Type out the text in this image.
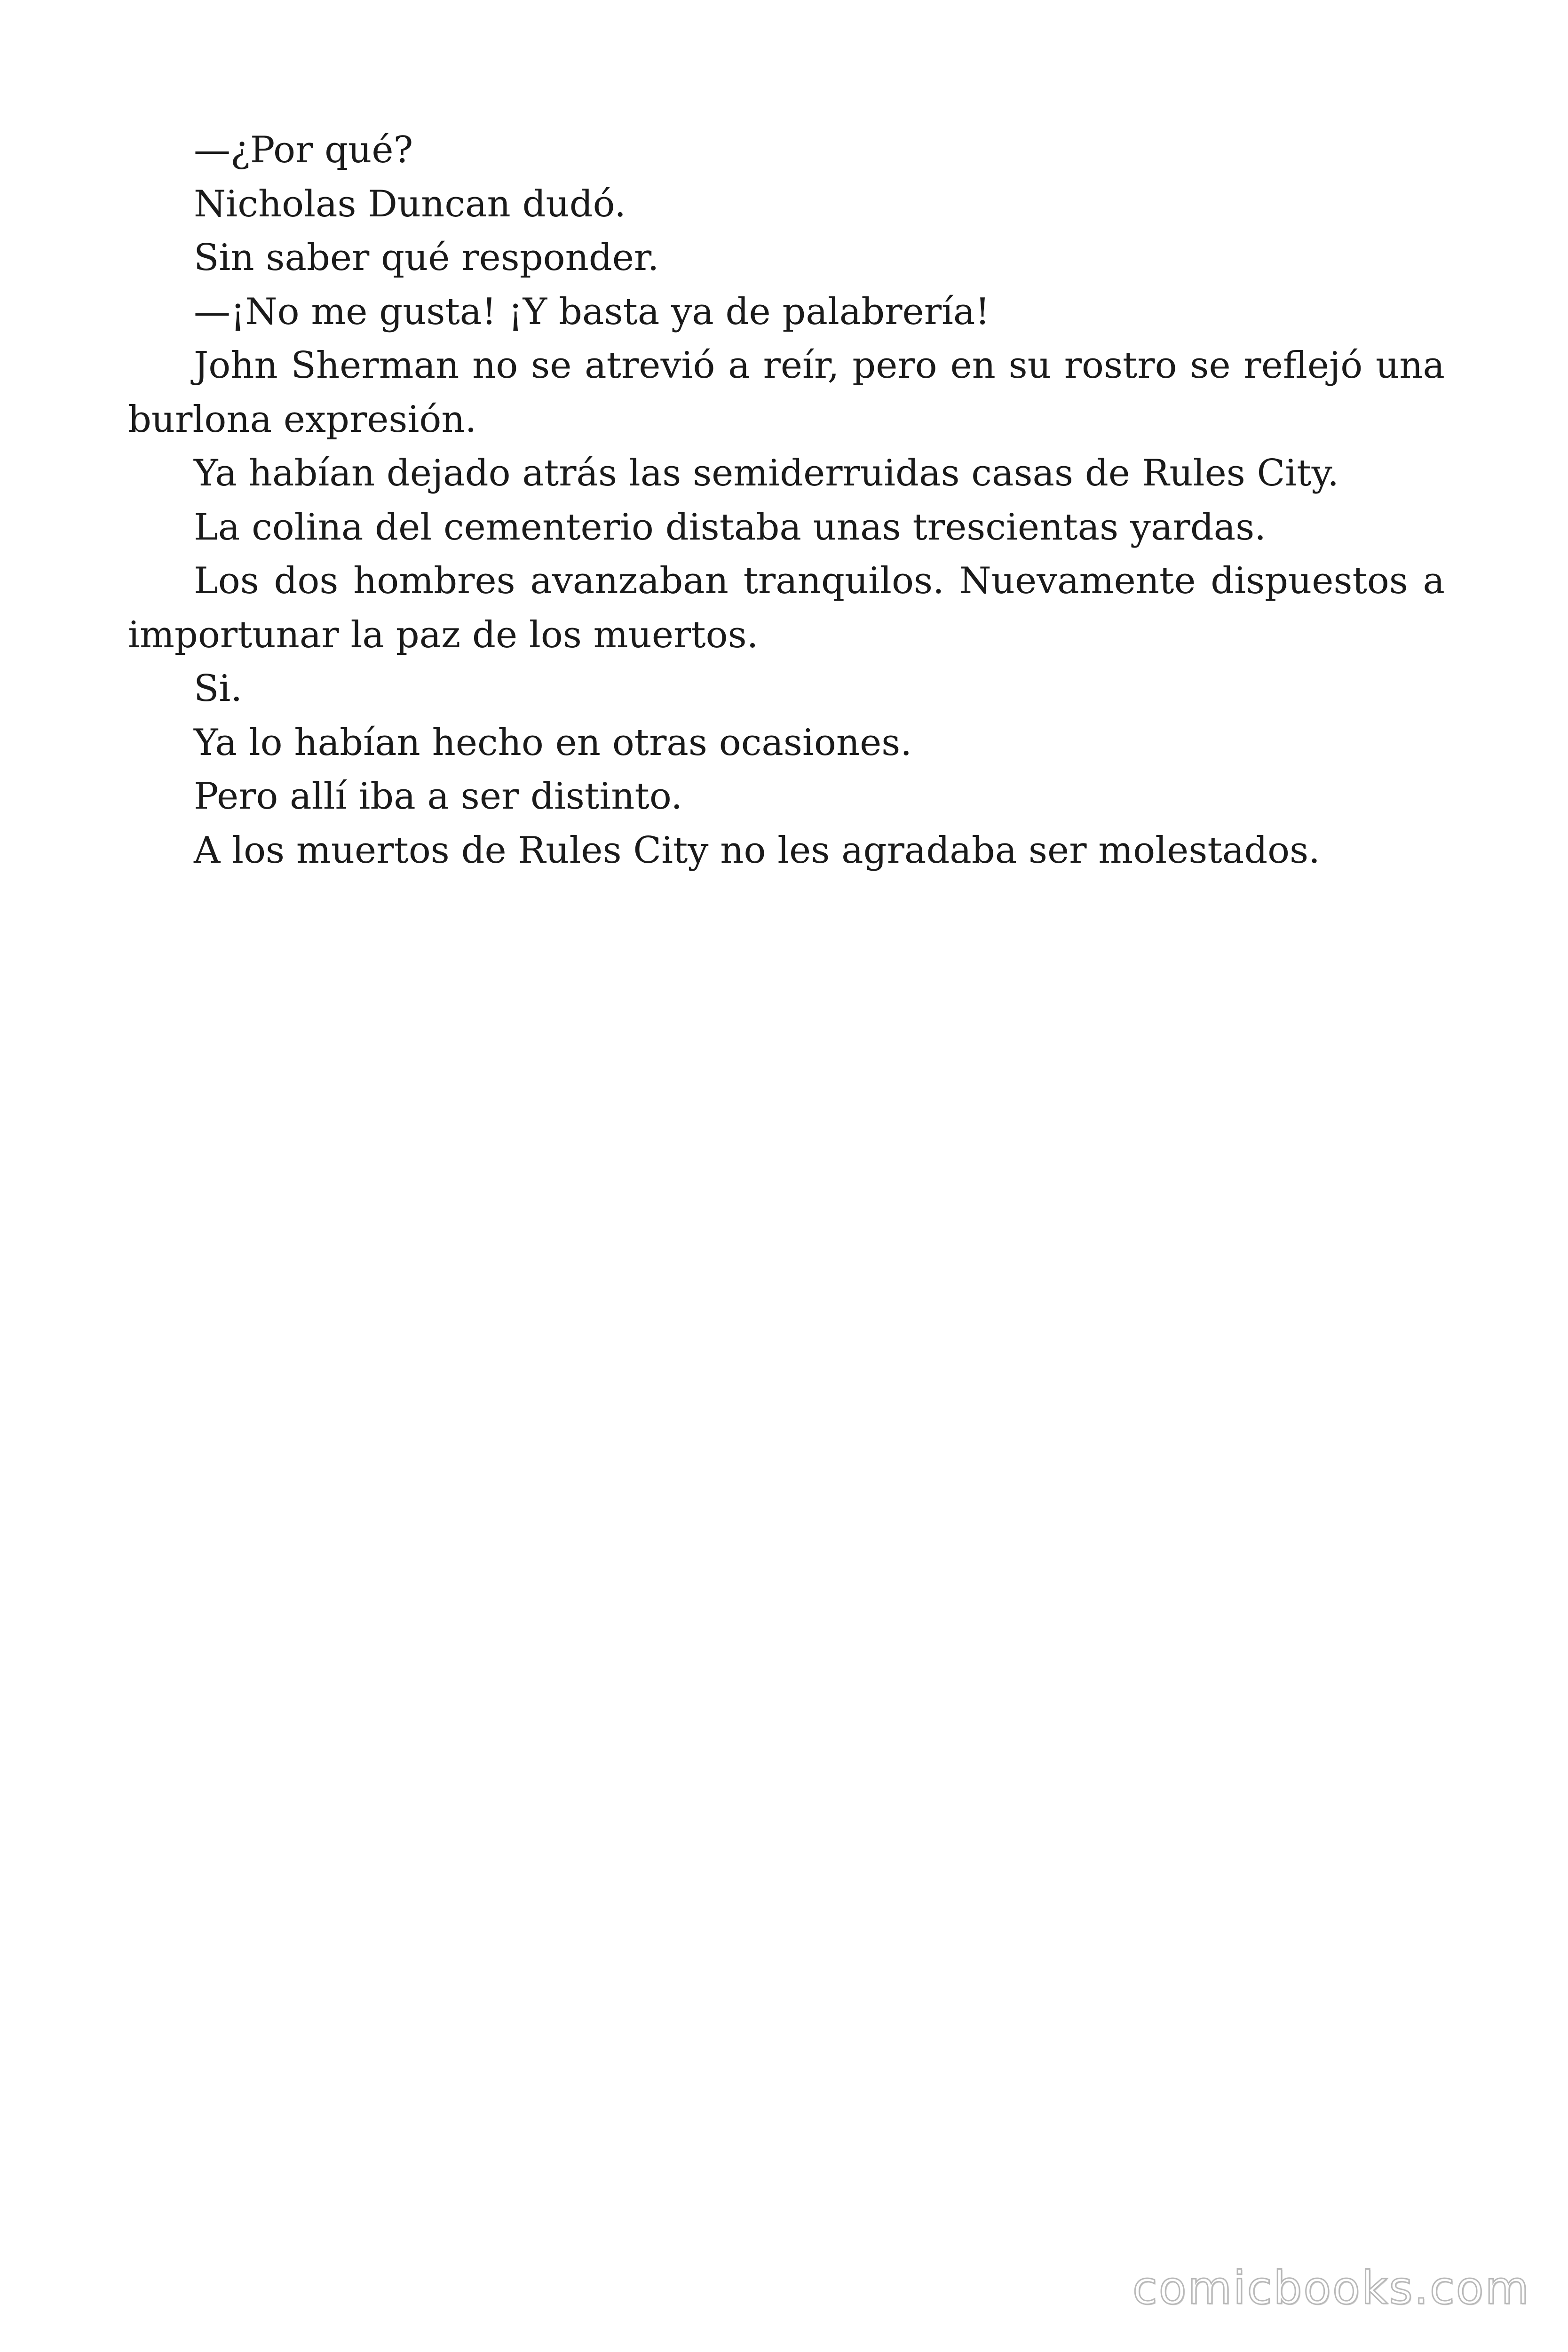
—¿Por qué?

Nicholas Duncan dudó.

Sin saber qué responder.

—¡No me gusta! ¡Y basta ya de palabrería!

John Sherman no se atrevió a reír, pero en su rostro se reflejó una burlona expresión.

Ya habían dejado atrás las semiderruidas casas de Rules City.

La colina del cementerio distaba unas trescientas yardas.

Los dos hombres avanzaban tranquilos. Nuevamente dispuestos a importunar la paz de los muertos.

Si.

Ya lo habían hecho en otras ocasiones.

Pero allí iba a ser distinto.

A los muertos de Rules City no les agradaba ser molestados.

comicbooks.com
